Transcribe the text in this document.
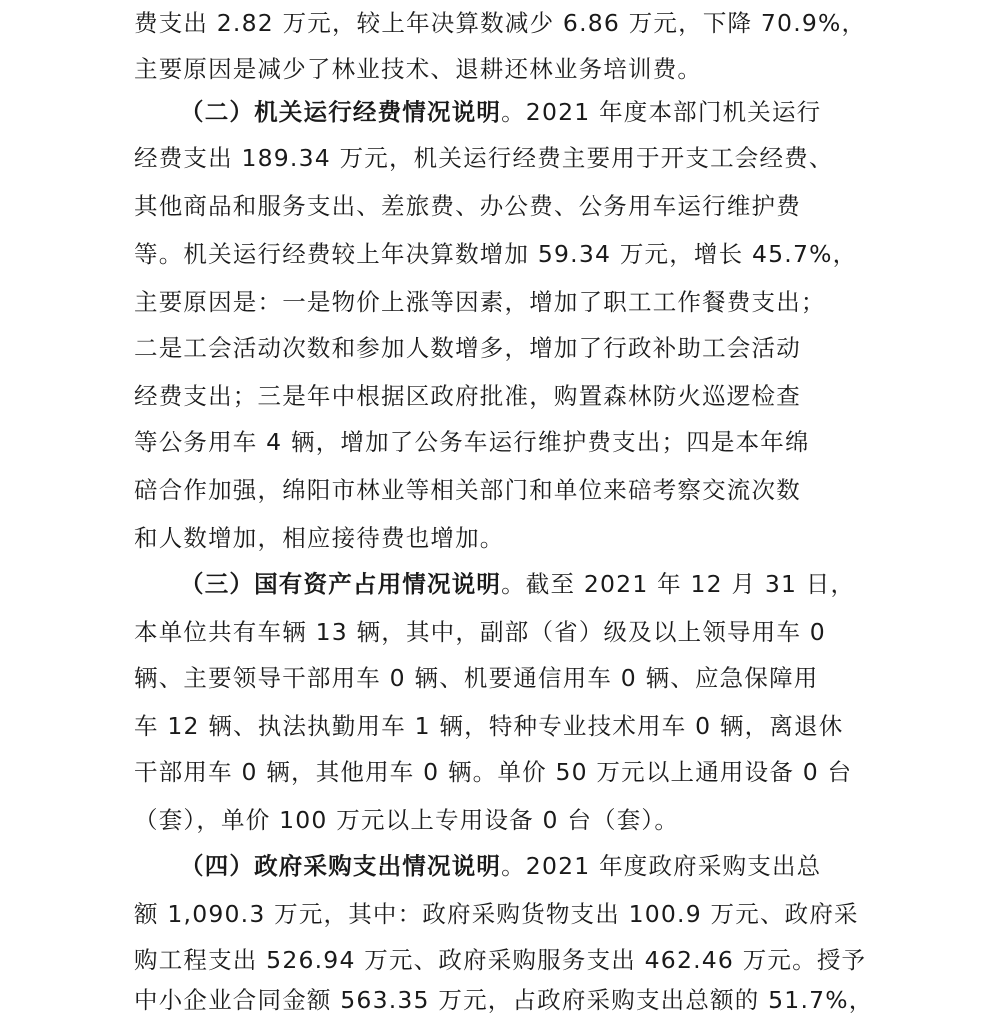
费支出 2.82 万元，较上年决算数减少 6.86 万元，下降 70.9%，
主要原因是减少了林业技术、退耕还林业务培训费。
（二）机关运行经费情况说明。2021 年度本部门机关运行
经费支出 189.34 万元，机关运行经费主要用于开支工会经费、
其他商品和服务支出、差旅费、办公费、公务用车运行维护费
等。机关运行经费较上年决算数增加 59.34 万元，增长 45.7%，
主要原因是：一是物价上涨等因素，增加了职工工作餐费支出；
二是工会活动次数和参加人数增多，增加了行政补助工会活动
经费支出；三是年中根据区政府批准，购置森林防火巡逻检查
等公务用车 4 辆，增加了公务车运行维护费支出；四是本年绵
碚合作加强，绵阳市林业等相关部门和单位来碚考察交流次数
和人数增加，相应接待费也增加。
（三）国有资产占用情况说明。截至 2021 年 12 月 31 日，
本单位共有车辆 13 辆，其中，副部（省）级及以上领导用车 0
辆、主要领导干部用车 0 辆、机要通信用车 0 辆、应急保障用
车 12 辆、执法执勤用车 1 辆，特种专业技术用车 0 辆，离退休
干部用车 0 辆，其他用车 0 辆。单价 50 万元以上通用设备 0 台
（套），单价 100 万元以上专用设备 0 台（套）。
（四）政府采购支出情况说明。2021 年度政府采购支出总
额 1,090.3 万元，其中：政府采购货物支出 100.9 万元、政府采
购工程支出 526.94 万元、政府采购服务支出 462.46 万元。授予
中小企业合同金额 563.35 万元，占政府采购支出总额的 51.7%，
